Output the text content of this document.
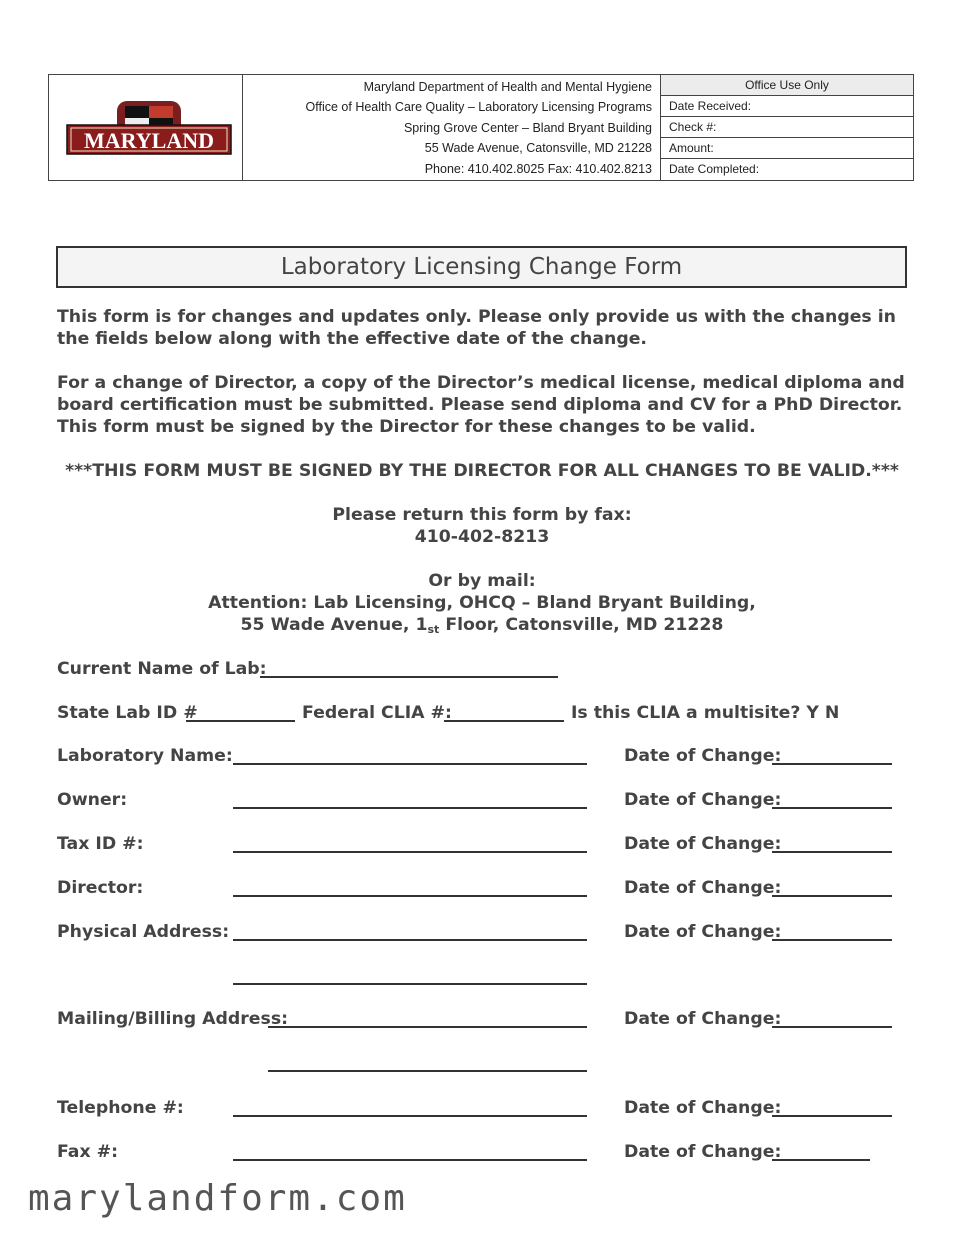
MARYLAND
Maryland Department of Health and Mental Hygiene
Office of Health Care Quality – Laboratory Licensing Programs
Spring Grove Center – Bland Bryant Building
55 Wade Avenue, Catonsville, MD 21228
Phone: 410.402.8025 Fax: 410.402.8213
Office Use Only
Date Received:
Check #:
Amount:
Date Completed:
Laboratory Licensing Change Form
This form is for changes and updates only. Please only provide us with the changes in the fields below along with the effective date of the change.
For a change of Director, a copy of the Director’s medical license, medical diploma and board certification must be submitted. Please send diploma and CV for a PhD Director. This form must be signed by the Director for these changes to be valid.
***THIS FORM MUST BE SIGNED BY THE DIRECTOR FOR ALL CHANGES TO BE VALID.***
Please return this form by fax:
410-402-8213
Or by mail:
Attention: Lab Licensing, OHCQ – Bland Bryant Building,
55 Wade Avenue, 1st Floor, Catonsville, MD 21228
Current Name of Lab:
State Lab ID #	Federal CLIA #:	Is this CLIA a multisite? Y N
Laboratory Name:	Date of Change:
Owner:	Date of Change:
Tax ID #:	Date of Change:
Director:	Date of Change:
Physical Address:	Date of Change:
Mailing/Billing Address:	Date of Change:
Telephone #:	Date of Change:
Fax #:	Date of Change:
marylandform.com
